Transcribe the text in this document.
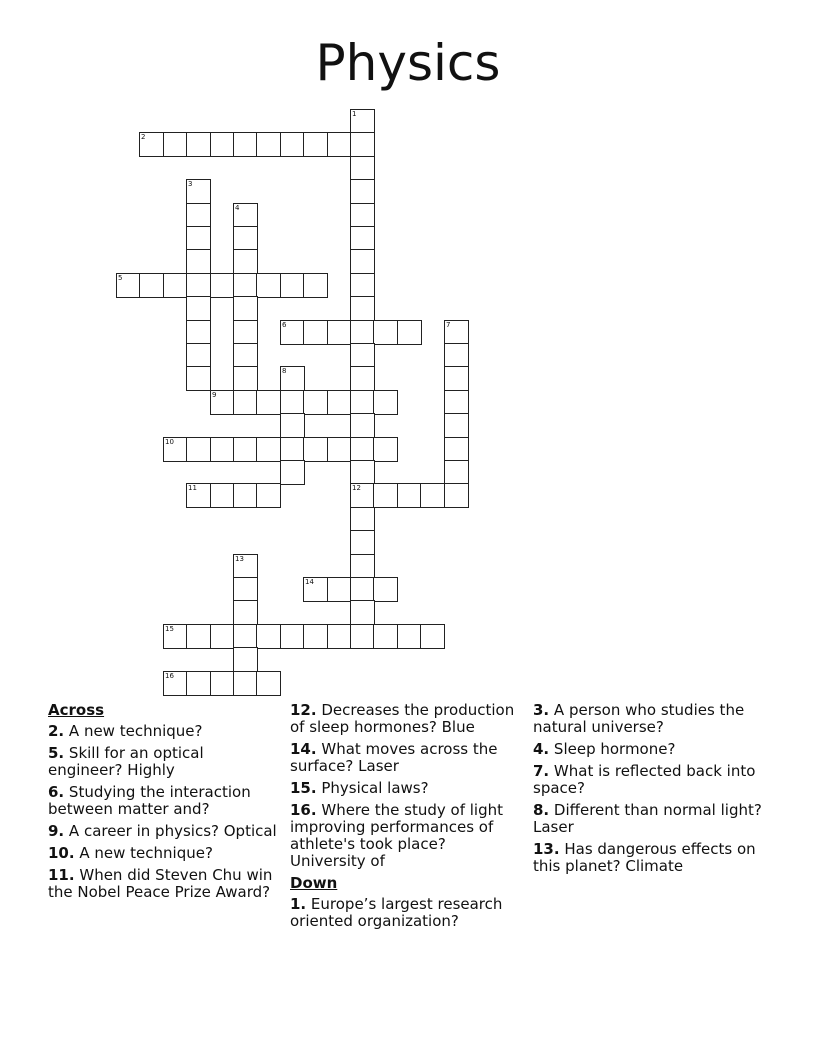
Physics
1
2
3
4
5
6	7
8
9
10
11	12
13
14
15
16
Across
2. A new technique?
5. Skill for an optical engineer? Highly
6. Studying the interaction between matter and?
9. A career in physics? Optical
10. A new technique?
11. When did Steven Chu win the Nobel Peace Prize Award?
12. Decreases the production of sleep hormones? Blue
14. What moves across the surface? Laser
15. Physical laws?
16. Where the study of light improving performances of athlete's took place? University of
Down
1. Europe’s largest research oriented organization?
3. A person who studies the natural universe?
4. Sleep hormone?
7. What is reflected back into space?
8. Different than normal light? Laser
13. Has dangerous effects on this planet? Climate
